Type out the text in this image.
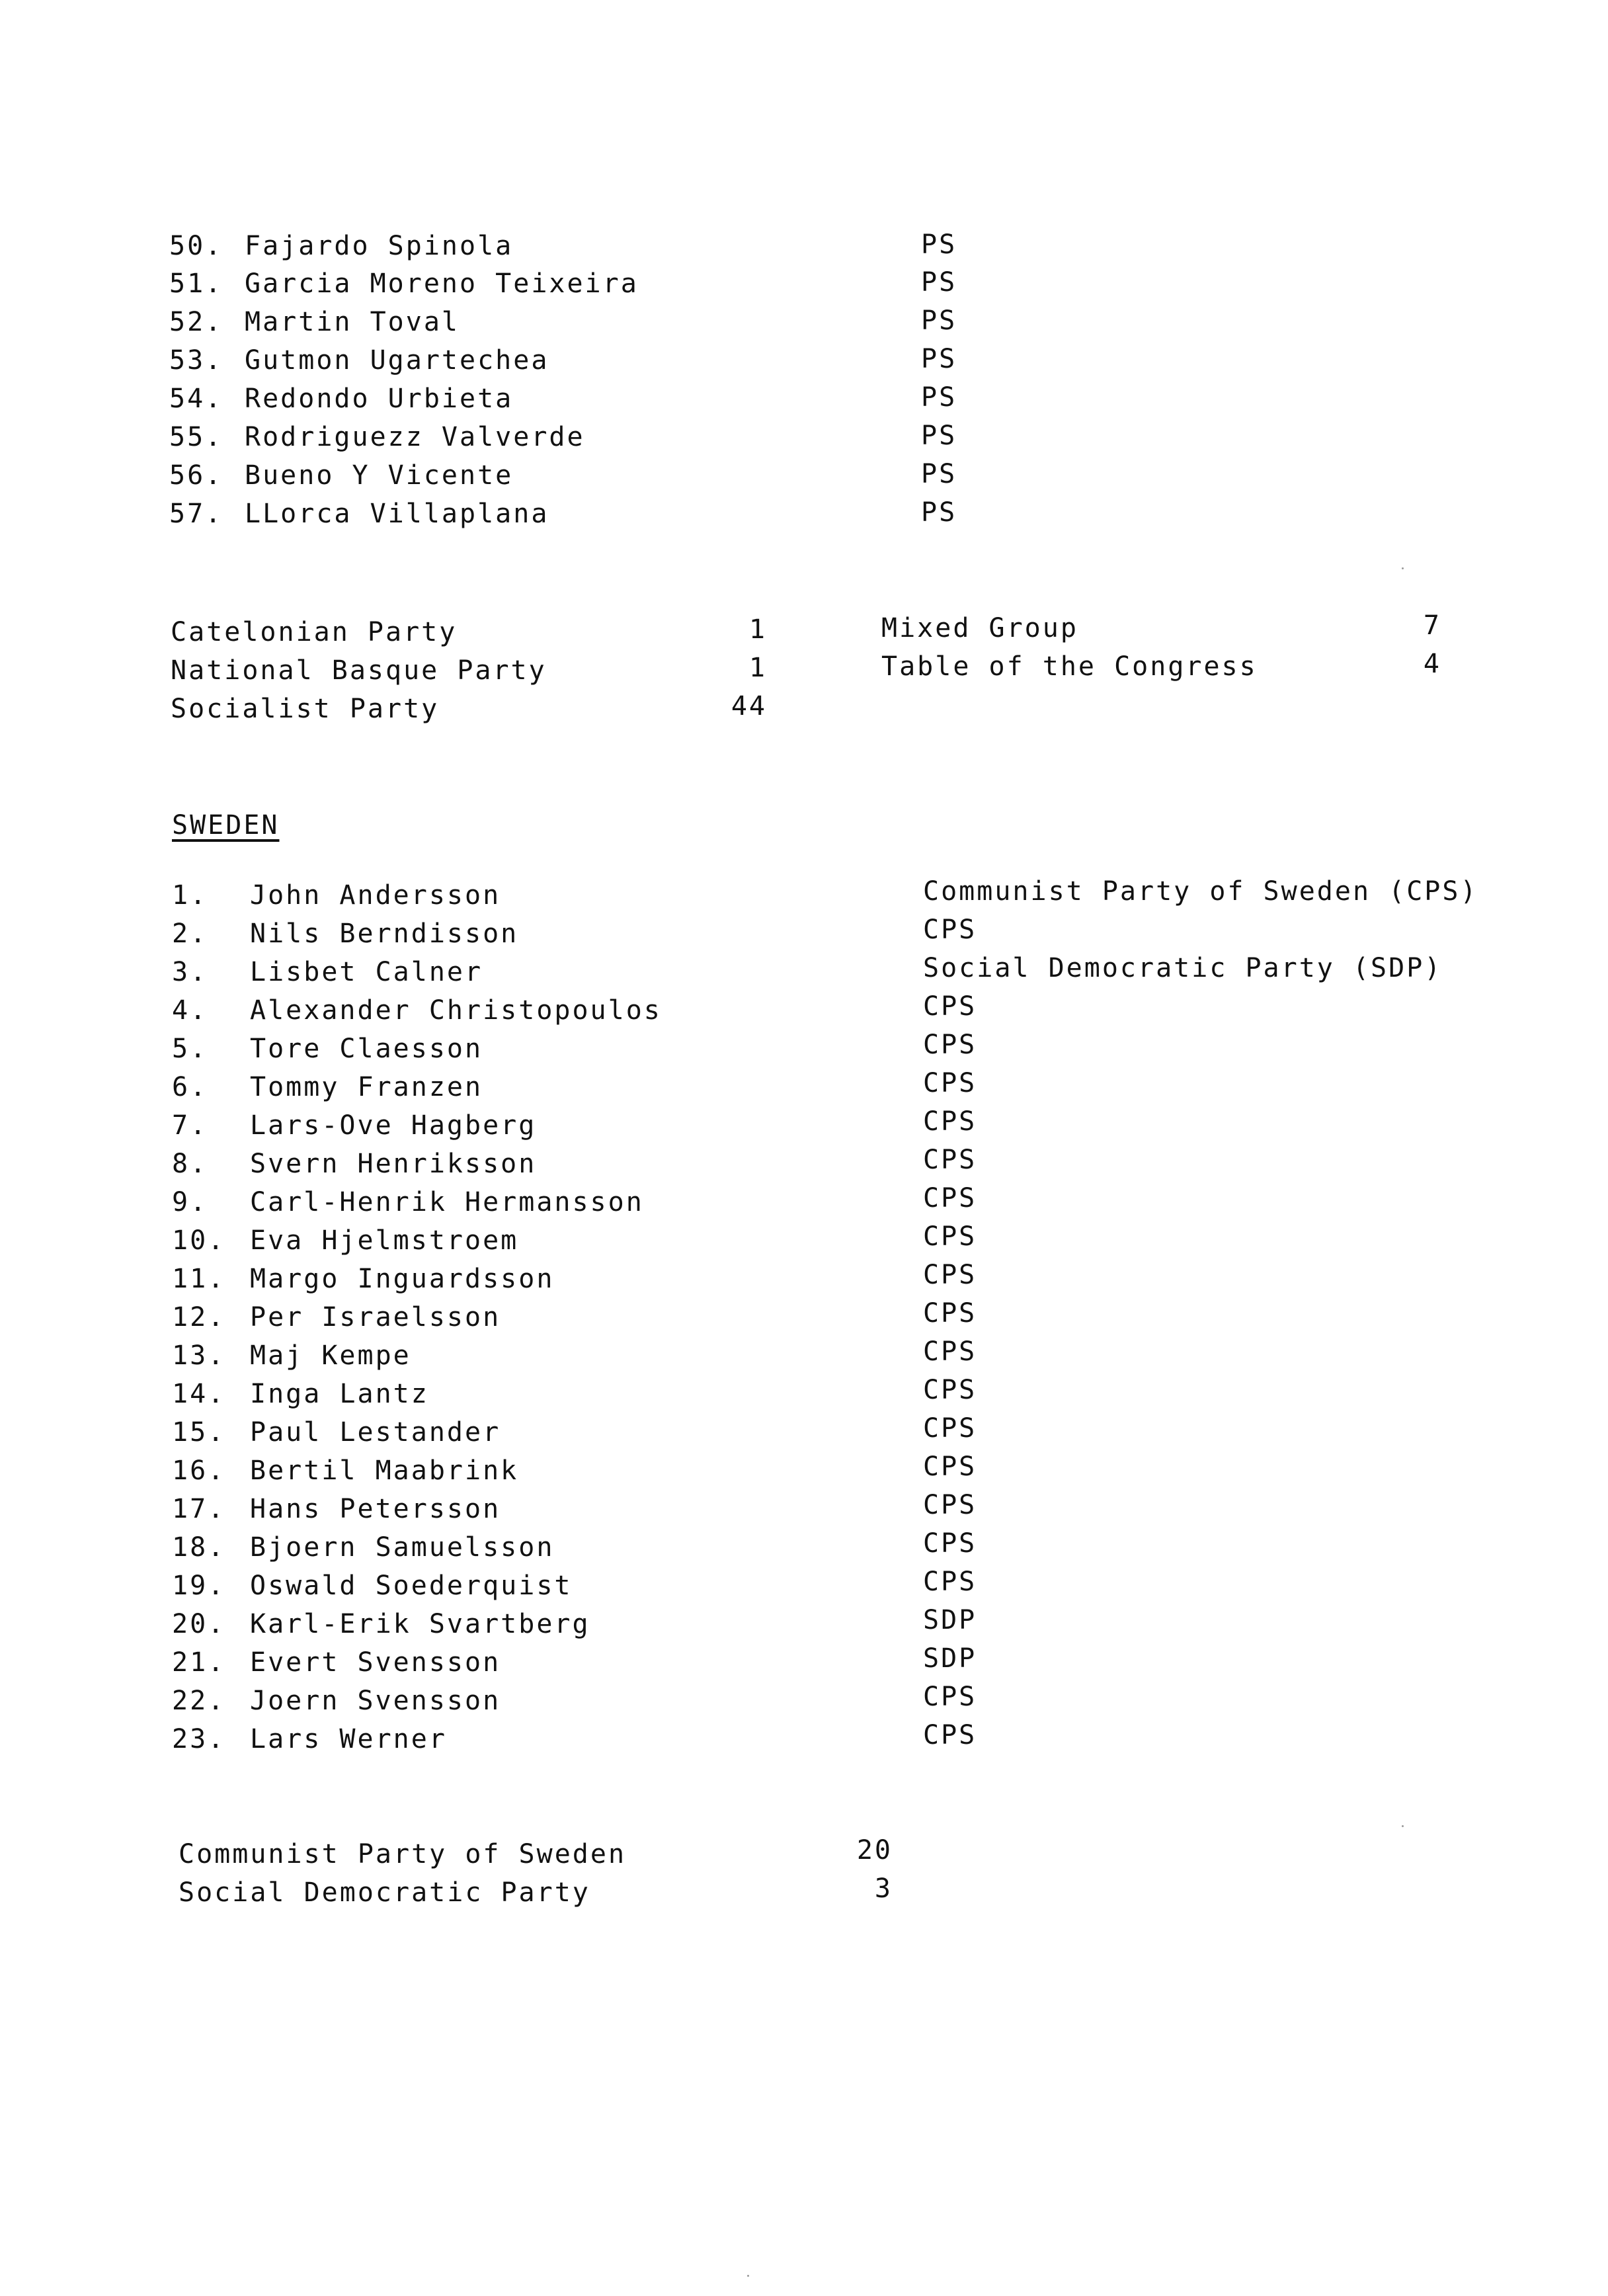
50. Fajardo Spinola	PS
51. Garcia Moreno Teixeira	PS
52. Martin Toval	PS
53. Gutmon Ugartechea	PS
54. Redondo Urbieta	PS
55. Rodriguezz Valverde	PS
56. Bueno Y Vicente	PS
57. LLorca Villaplana	PS
Catelonian Party	1
National Basque Party	1
Socialist Party	44
Mixed Group	7
Table of the Congress	4
SWEDEN
1. John Andersson	Communist Party of Sweden (CPS)
2. Nils Berndisson	CPS
3. Lisbet Calner	Social Democratic Party (SDP)
4. Alexander Christopoulos	CPS
5. Tore Claesson	CPS
6. Tommy Franzen	CPS
7. Lars-Ove Hagberg	CPS
8. Svern Henriksson	CPS
9. Carl-Henrik Hermansson	CPS
10. Eva Hjelmstroem	CPS
11. Margo Inguardsson	CPS
12. Per Israelsson	CPS
13. Maj Kempe	CPS
14. Inga Lantz	CPS
15. Paul Lestander	CPS
16. Bertil Maabrink	CPS
17. Hans Petersson	CPS
18. Bjoern Samuelsson	CPS
19. Oswald Soederquist	CPS
20. Karl-Erik Svartberg	SDP
21. Evert Svensson	SDP
22. Joern Svensson	CPS
23. Lars Werner	CPS
Communist Party of Sweden	20
Social Democratic Party	3
